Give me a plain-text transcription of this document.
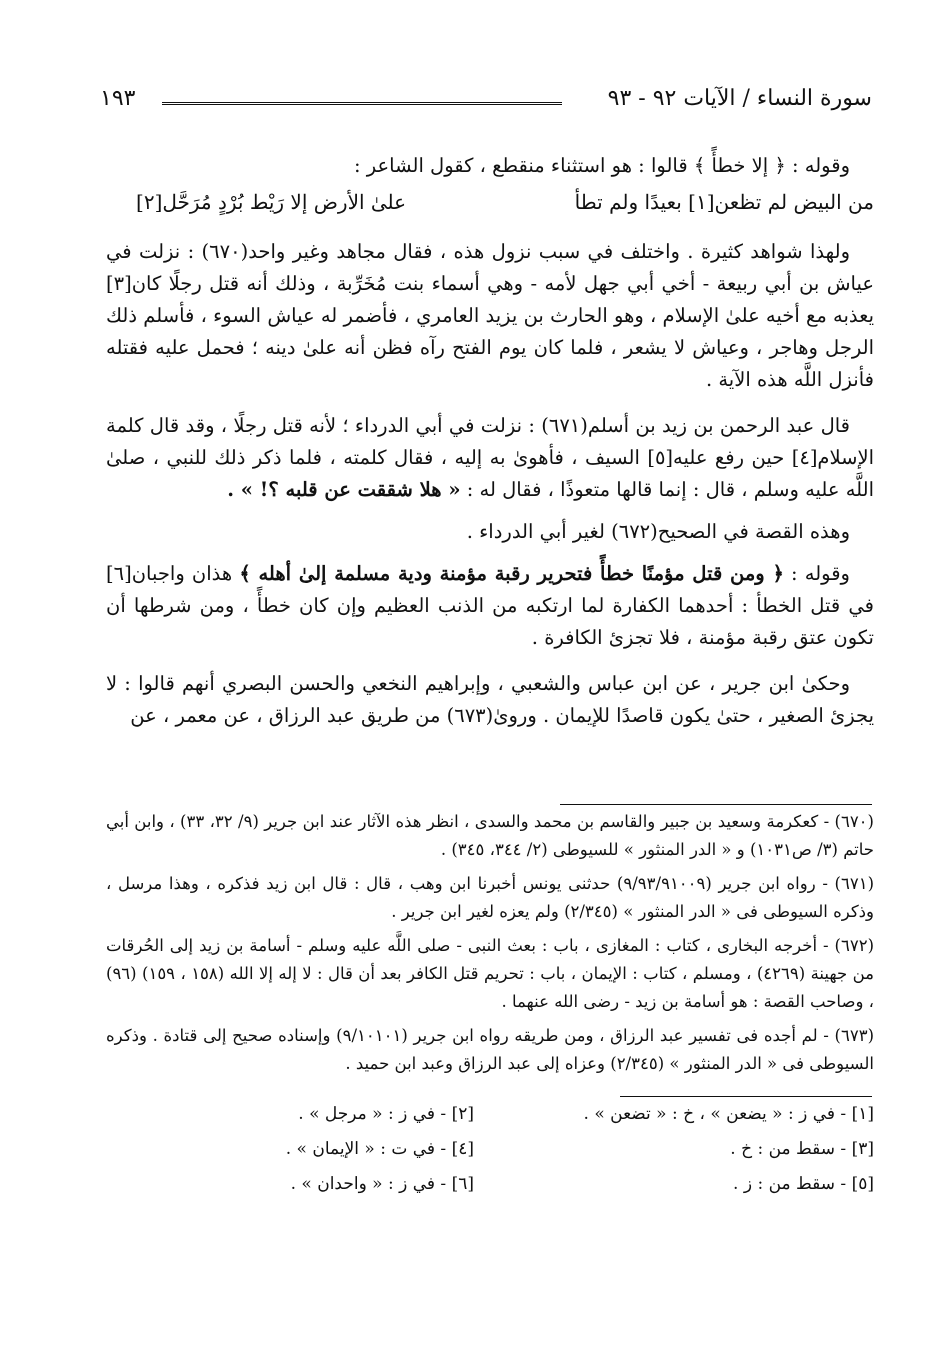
سورة النساء / الآيات ٩٢ - ٩٣
١٩٣

وقوله : ﴿ إلا خطأً ﴾ قالوا : هو استثناء منقطع ، كقول الشاعر :

من البيض لم تظعن[١] بعيدًا ولم تطأ
علىٰ الأرض إلا رَيْط بُرْدٍ مُرَحَّل[٢]

ولهذا شواهد كثيرة . واختلف في سبب نزول هذه ، فقال مجاهد وغير واحد(٦٧٠) : نزلت في عياش بن أبي ربيعة - أخي أبي جهل لأمه - وهي أسماء بنت مُخَرِّبة ، وذلك أنه قتل رجلًا كان[٣] يعذبه مع أخيه علىٰ الإسلام ، وهو الحارث بن يزيد العامري ، فأضمر له عياش السوء ، فأسلم ذلك الرجل وهاجر ، وعياش لا يشعر ، فلما كان يوم الفتح رآه فظن أنه علىٰ دينه ؛ فحمل عليه فقتله فأنزل اللَّه هذه الآية .

قال عبد الرحمن بن زيد بن أسلم(٦٧١) : نزلت في أبي الدرداء ؛ لأنه قتل رجلًا ، وقد قال كلمة الإسلام[٤] حين رفع عليه[٥] السيف ، فأهوىٰ به إليه ، فقال كلمته ، فلما ذكر ذلك للنبي ، صلىٰ اللَّه عليه وسلم ، قال : إنما قالها متعوذًا ، فقال له : « هلا شققت عن قلبه ؟! » .

وهذه القصة في الصحيح(٦٧٢) لغير أبي الدرداء .

وقوله : ﴿ ومن قتل مؤمنًا خطأً فتحرير رقبة مؤمنة ودية مسلمة إلىٰ أهله ﴾ هذان واجبان[٦] في قتل الخطأ : أحدهما الكفارة لما ارتكبه من الذنب العظيم وإن كان خطأً ، ومن شرطها أن تكون عتق رقبة مؤمنة ، فلا تجزئ الكافرة .

وحكىٰ ابن جرير ، عن ابن عباس والشعبي ، وإبراهيم النخعي والحسن البصري أنهم قالوا : لا يجزئ الصغير ، حتىٰ يكون قاصدًا للإيمان . وروىٰ(٦٧٣) من طريق عبد الرزاق ، عن معمر ، عن

(٦٧٠) - كعكرمة وسعيد بن جبير والقاسم بن محمد والسدى ، انظر هذه الآثار عند ابن جرير (٩/ ٣٢، ٣٣) ، وابن أبي حاتم (٣/ ص١٠٣١) و « الدر المنثور » للسيوطى (٢/ ٣٤٤، ٣٤٥) .

(٦٧١) - رواه ابن جرير (٩/٩٣/٩١٠٠٩) حدثنى يونس أخبرنا ابن وهب ، قال : قال ابن زيد فذكره ، وهذا مرسل ، وذكره السيوطى فى « الدر المنثور » (٢/٣٤٥) ولم يعزه لغير ابن جرير .

(٦٧٢) - أخرجه البخارى ، كتاب : المغازى ، باب : بعث النبى - صلى اللَّه عليه وسلم - أسامة بن زيد إلى الحُرقات من جهينة (٤٢٦٩) ، ومسلم ، كتاب : الإيمان ، باب : تحريم قتل الكافر بعد أن قال : لا إله إلا الله (١٥٨ ، ١٥٩) (٩٦) ، وصاحب القصة : هو أسامة بن زيد - رضى الله عنهما .

(٦٧٣) - لم أجده فى تفسير عبد الرزاق ، ومن طريقه رواه ابن جرير (٩/١٠١٠١) وإسناده صحيح إلى قتادة . وذكره السيوطى فى « الدر المنثور » (٢/٣٤٥) وعزاه إلى عبد الرزاق وعبد ابن حميد .

[١] - في ز : « يضعن » ، خ : « تضعن » .
[٢] - في ز : « مرجل » .
[٣] - سقط من : خ .
[٤] - في ت : « الإيمان » .
[٥] - سقط من : ز .
[٦] - في ز : « واحدان » .
